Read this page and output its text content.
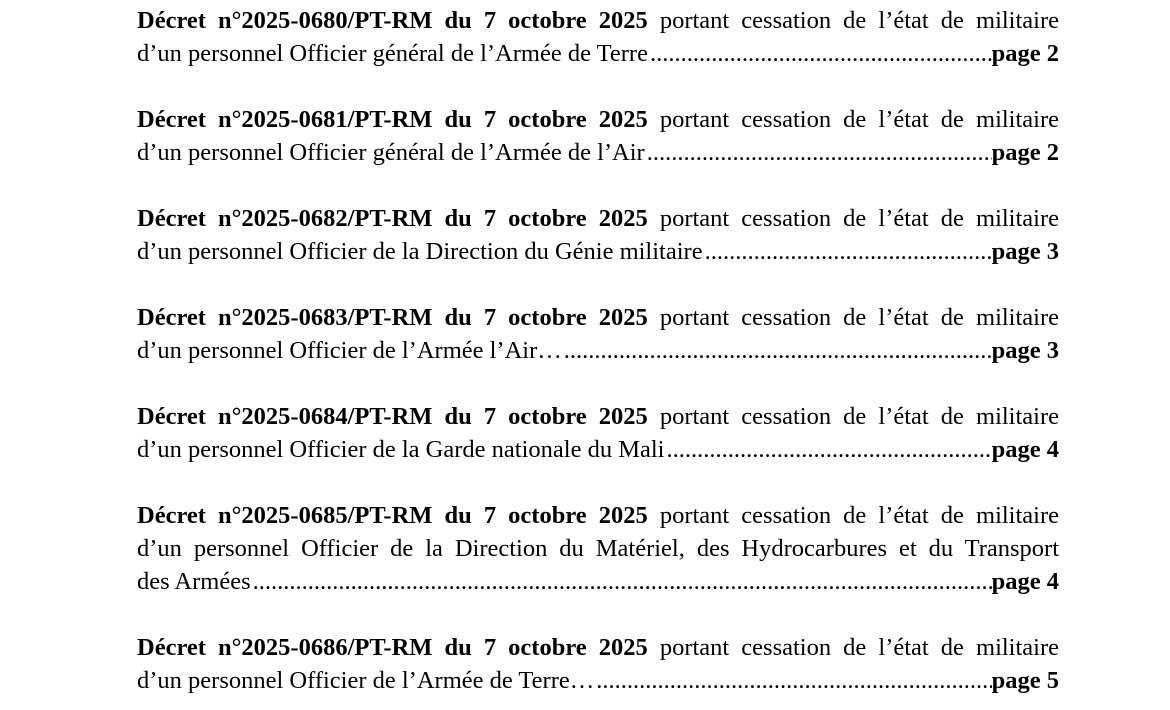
Décret n°2025-0680/PT-RM du 7 octobre 2025 portant cessation de l’état de militaire
d’un personnel Officier général de l’Armée de Terre .....	page 2
Décret n°2025-0681/PT-RM du 7 octobre 2025 portant cessation de l’état de militaire
d’un personnel Officier général de l’Armée de l’Air .....	page 2
Décret n°2025-0682/PT-RM du 7 octobre 2025 portant cessation de l’état de militaire
d’un personnel Officier de la Direction du Génie militaire .....	page 3
Décret n°2025-0683/PT-RM du 7 octobre 2025 portant cessation de l’état de militaire
d’un personnel Officier de l’Armée l’Air… .....	page 3
Décret n°2025-0684/PT-RM du 7 octobre 2025 portant cessation de l’état de militaire
d’un personnel Officier de la Garde nationale du Mali .....	page 4
Décret n°2025-0685/PT-RM du 7 octobre 2025 portant cessation de l’état de militaire
d’un personnel Officier de la Direction du Matériel, des Hydrocarbures et du Transport
des Armées .....	page 4
Décret n°2025-0686/PT-RM du 7 octobre 2025 portant cessation de l’état de militaire
d’un personnel Officier de l’Armée de Terre… .....	page 5
